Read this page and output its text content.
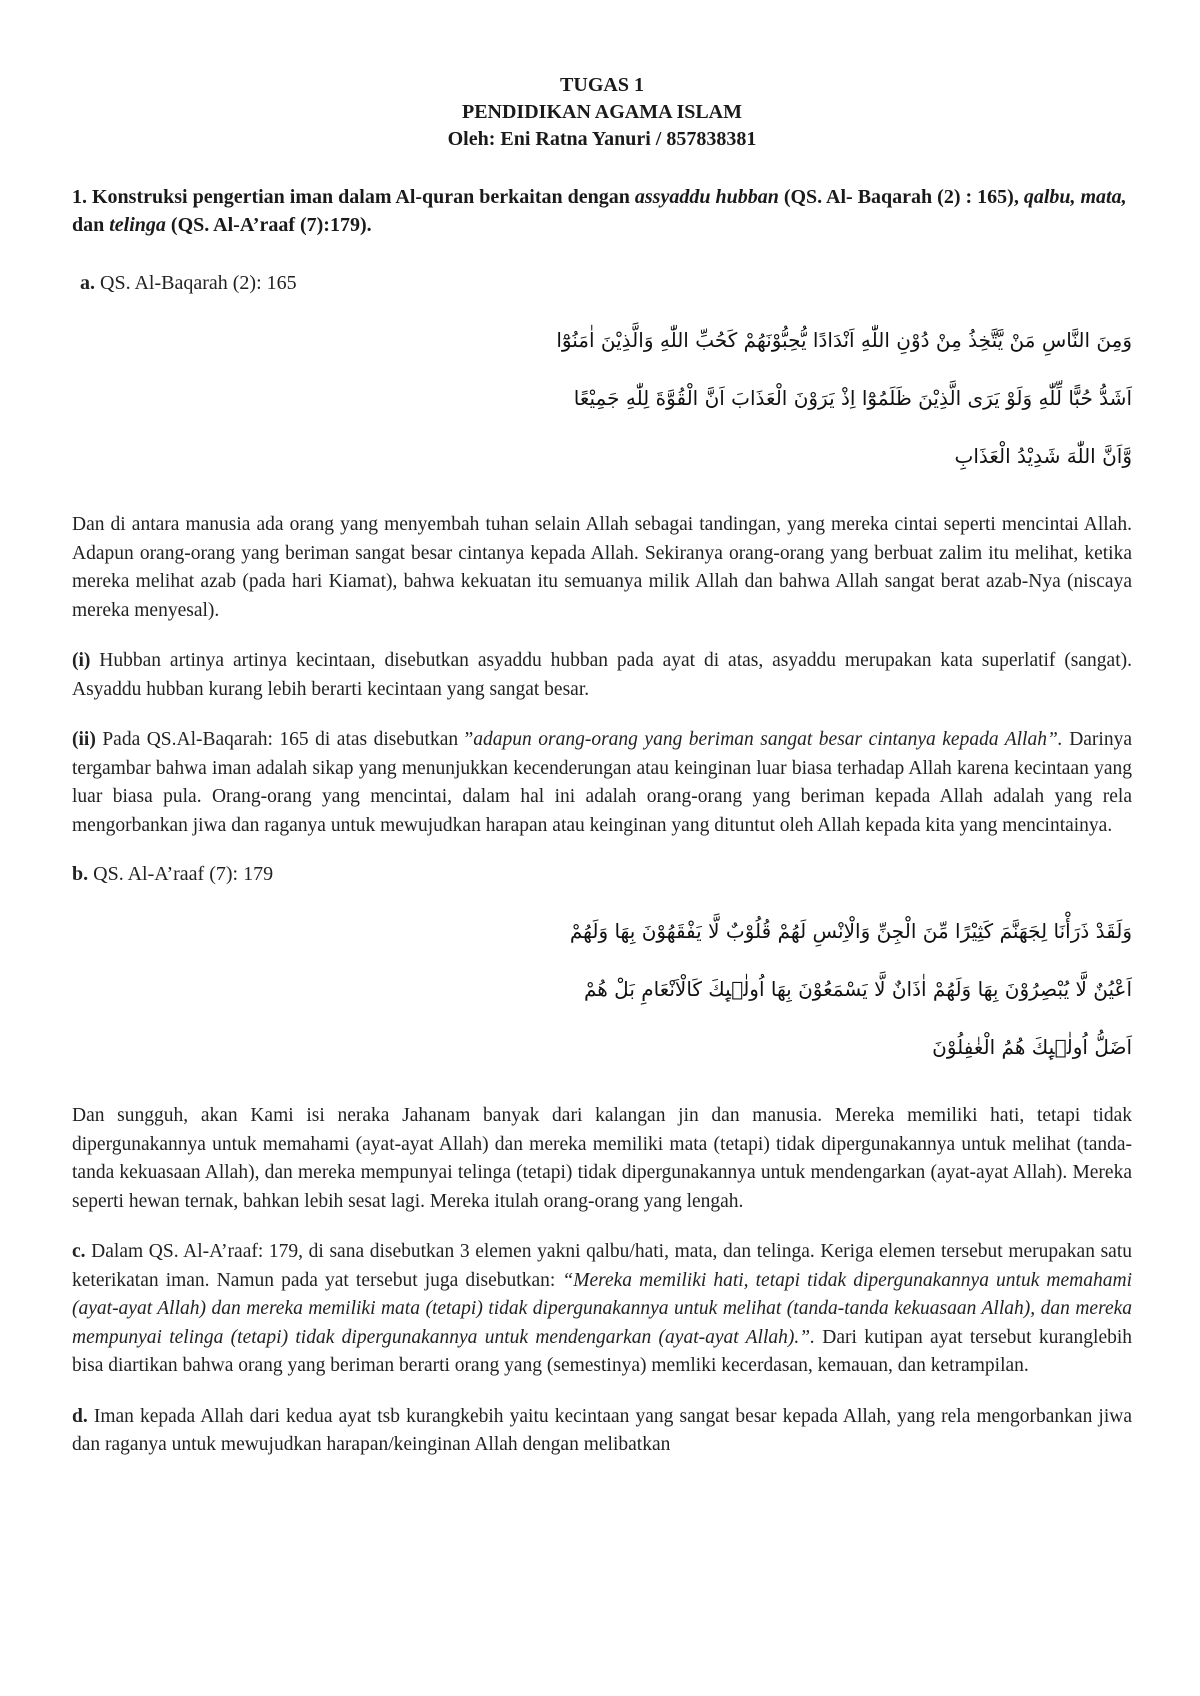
TUGAS 1
PENDIDIKAN AGAMA ISLAM
Oleh: Eni Ratna Yanuri / 857838381
1. Konstruksi pengertian iman dalam Al-quran berkaitan dengan assyaddu hubban (QS. Al- Baqarah (2) : 165), qalbu, mata, dan telinga (QS. Al-A’raaf (7):179).
a. QS. Al-Baqarah (2): 165
وَمِنَ النَّاسِ مَنْ يَّتَّخِذُ مِنْ دُوْنِ اللّٰهِ اَنْدَادًا يُّحِبُّوْنَهُمْ كَحُبِّ اللّٰهِ وَالَّذِيْنَ اٰمَنُوْٓا
اَشَدُّ حُبًّا لِّلّٰهِ وَلَوْ يَرَى الَّذِيْنَ ظَلَمُوْٓا اِذْ يَرَوْنَ الْعَذَابَ اَنَّ الْقُوَّةَ لِلّٰهِ جَمِيْعًا
وَّاَنَّ اللّٰهَ شَدِيْدُ الْعَذَابِ
Dan di antara manusia ada orang yang menyembah tuhan selain Allah sebagai tandingan, yang mereka cintai seperti mencintai Allah. Adapun orang-orang yang beriman sangat besar cintanya kepada Allah. Sekiranya orang-orang yang berbuat zalim itu melihat, ketika mereka melihat azab (pada hari Kiamat), bahwa kekuatan itu semuanya milik Allah dan bahwa Allah sangat berat azab-Nya (niscaya mereka menyesal).
(i) Hubban artinya artinya kecintaan, disebutkan asyaddu hubban pada ayat di atas, asyaddu merupakan kata superlatif (sangat). Asyaddu hubban kurang lebih berarti kecintaan yang sangat besar.
(ii) Pada QS.Al-Baqarah: 165 di atas disebutkan ”adapun orang-orang yang beriman sangat besar cintanya kepada Allah”. Darinya tergambar bahwa iman adalah sikap yang menunjukkan kecenderungan atau keinginan luar biasa terhadap Allah karena kecintaan yang luar biasa pula. Orang-orang yang mencintai, dalam hal ini adalah orang-orang yang beriman kepada Allah adalah yang rela mengorbankan jiwa dan raganya untuk mewujudkan harapan atau keinginan yang dituntut oleh Allah kepada kita yang mencintainya.
b. QS. Al-A’raaf (7): 179
وَلَقَدْ ذَرَأْنَا لِجَهَنَّمَ كَثِيْرًا مِّنَ الْجِنِّ وَالْاِنْسِ لَهُمْ قُلُوْبٌ لَّا يَفْقَهُوْنَ بِهَا وَلَهُمْ
اَعْيُنٌ لَّا يُبْصِرُوْنَ بِهَا وَلَهُمْ اٰذَانٌ لَّا يَسْمَعُوْنَ بِهَا اُولٰۤىِٕكَ كَالْاَنْعَامِ بَلْ هُمْ
اَضَلُّ اُولٰۤىِٕكَ هُمُ الْغٰفِلُوْنَ
Dan sungguh, akan Kami isi neraka Jahanam banyak dari kalangan jin dan manusia. Mereka memiliki hati, tetapi tidak dipergunakannya untuk memahami (ayat-ayat Allah) dan mereka memiliki mata (tetapi) tidak dipergunakannya untuk melihat (tanda-tanda kekuasaan Allah), dan mereka mempunyai telinga (tetapi) tidak dipergunakannya untuk mendengarkan (ayat-ayat Allah). Mereka seperti hewan ternak, bahkan lebih sesat lagi. Mereka itulah orang-orang yang lengah.
c. Dalam QS. Al-A’raaf: 179, di sana disebutkan 3 elemen yakni qalbu/hati, mata, dan telinga. Keriga elemen tersebut merupakan satu keterikatan iman. Namun pada yat tersebut juga disebutkan: “Mereka memiliki hati, tetapi tidak dipergunakannya untuk memahami (ayat-ayat Allah) dan mereka memiliki mata (tetapi) tidak dipergunakannya untuk melihat (tanda-tanda kekuasaan Allah), dan mereka mempunyai telinga (tetapi) tidak dipergunakannya untuk mendengarkan (ayat-ayat Allah).”. Dari kutipan ayat tersebut kuranglebih bisa diartikan bahwa orang yang beriman berarti orang yang (semestinya) memliki kecerdasan, kemauan, dan ketrampilan.
d. Iman kepada Allah dari kedua ayat tsb kurangkebih yaitu kecintaan yang sangat besar kepada Allah, yang rela mengorbankan jiwa dan raganya untuk mewujudkan harapan/keinginan Allah dengan melibatkan
